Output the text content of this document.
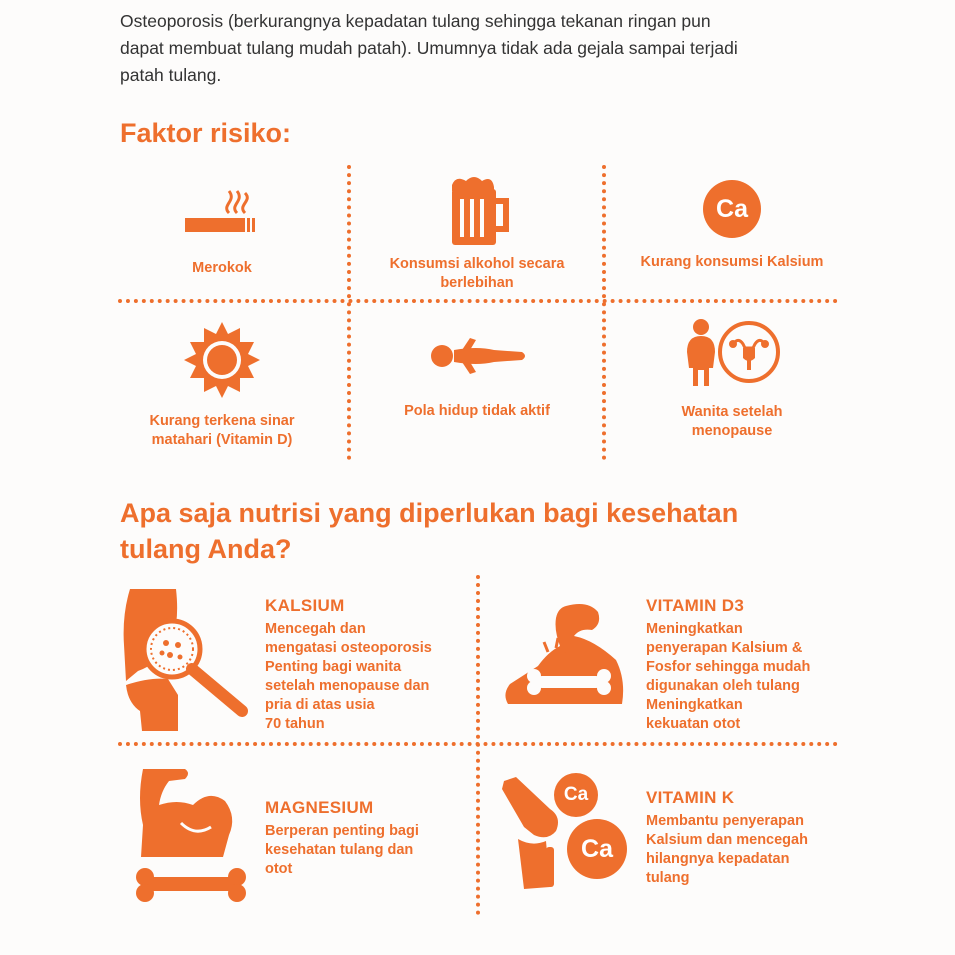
Osteoporosis (berkurangnya kepadatan tulang sehingga tekanan ringan pun
dapat membuat tulang mudah patah). Umumnya tidak ada gejala sampai terjadi
patah tulang.
Faktor risiko:
Merokok	Konsumsi alkohol secara
berlebihan
Ca
Kurang konsumsi Kalsium
Kurang terkena sinar
matahari (Vitamin D)
Pola hidup tidak aktif	Wanita setelah
menopause
Apa saja nutrisi yang diperlukan bagi kesehatan
tulang Anda?
KALSIUM
Mencegah dan
mengatasi osteoporosis
Penting bagi wanita
setelah menopause dan
pria di atas usia
70 tahun
VITAMIN D3
Meningkatkan
penyerapan Kalsium &
Fosfor sehingga mudah
digunakan oleh tulang
Meningkatkan
kekuatan otot
MAGNESIUM
Berperan penting bagi
kesehatan tulang dan
otot
Ca
Ca
VITAMIN K
Membantu penyerapan
Kalsium dan mencegah
hilangnya kepadatan
tulang
